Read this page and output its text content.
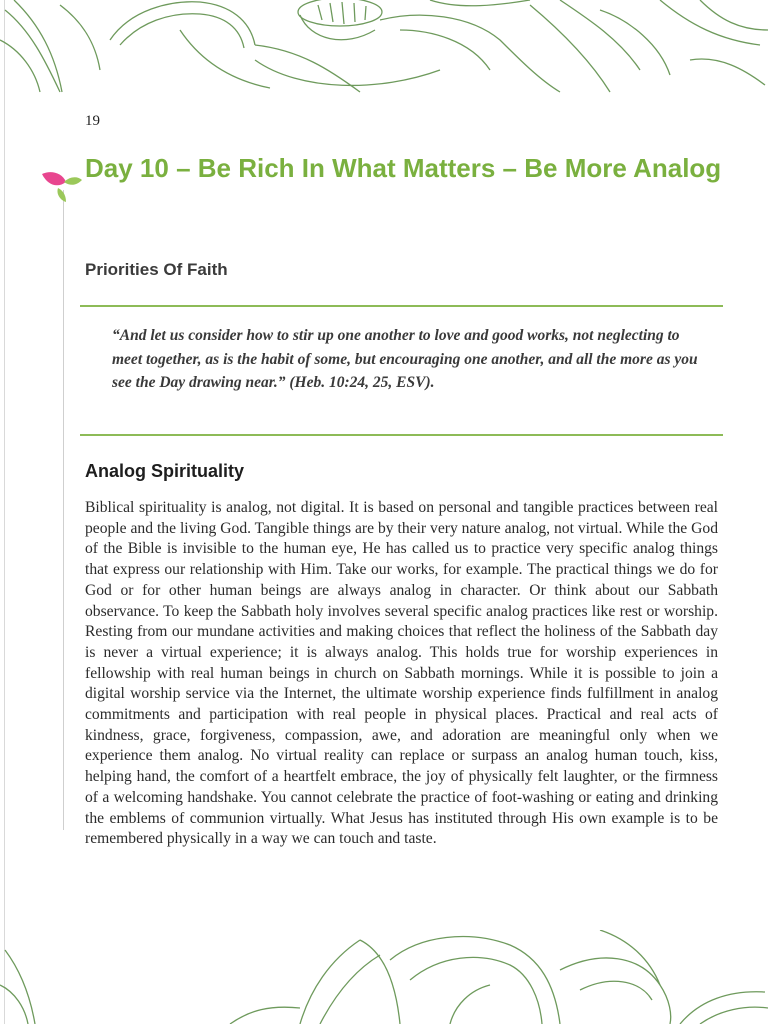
19
Day 10 – Be Rich In What Matters – Be More Analog
Priorities Of Faith
“And let us consider how to stir up one another to love and good works, not neglecting to meet together, as is the habit of some, but encouraging one another, and all the more as you see the Day drawing near.” (Heb. 10:24, 25, ESV).
Analog Spirituality

Biblical spirituality is analog, not digital. It is based on personal and tangible practices between real people and the living God. Tangible things are by their very nature analog, not virtual. While the God of the Bible is invisible to the human eye, He has called us to practice very specific analog things that express our relationship with Him. Take our works, for example. The practical things we do for God or for other human beings are always analog in character. Or think about our Sabbath observance. To keep the Sabbath holy involves several specific analog practices like rest or worship. Resting from our mundane activities and making choices that reflect the holiness of the Sabbath day is never a virtual experience; it is always analog. This holds true for worship experiences in fellowship with real human beings in church on Sabbath mornings. While it is possible to join a digital worship service via the Internet, the ultimate worship experience finds fulfillment in analog commitments and participation with real people in physical places. Practical and real acts of kindness, grace, forgiveness, compassion, awe, and adoration are meaningful only when we experience them analog. No virtual reality can replace or surpass an analog human touch, kiss, helping hand, the comfort of a heartfelt embrace, the joy of physically felt laughter, or the firmness of a welcoming handshake. You cannot celebrate the practice of foot-washing or eating and drinking the emblems of communion virtually. What Jesus has instituted through His own example is to be remembered physically in a way we can touch and taste.
